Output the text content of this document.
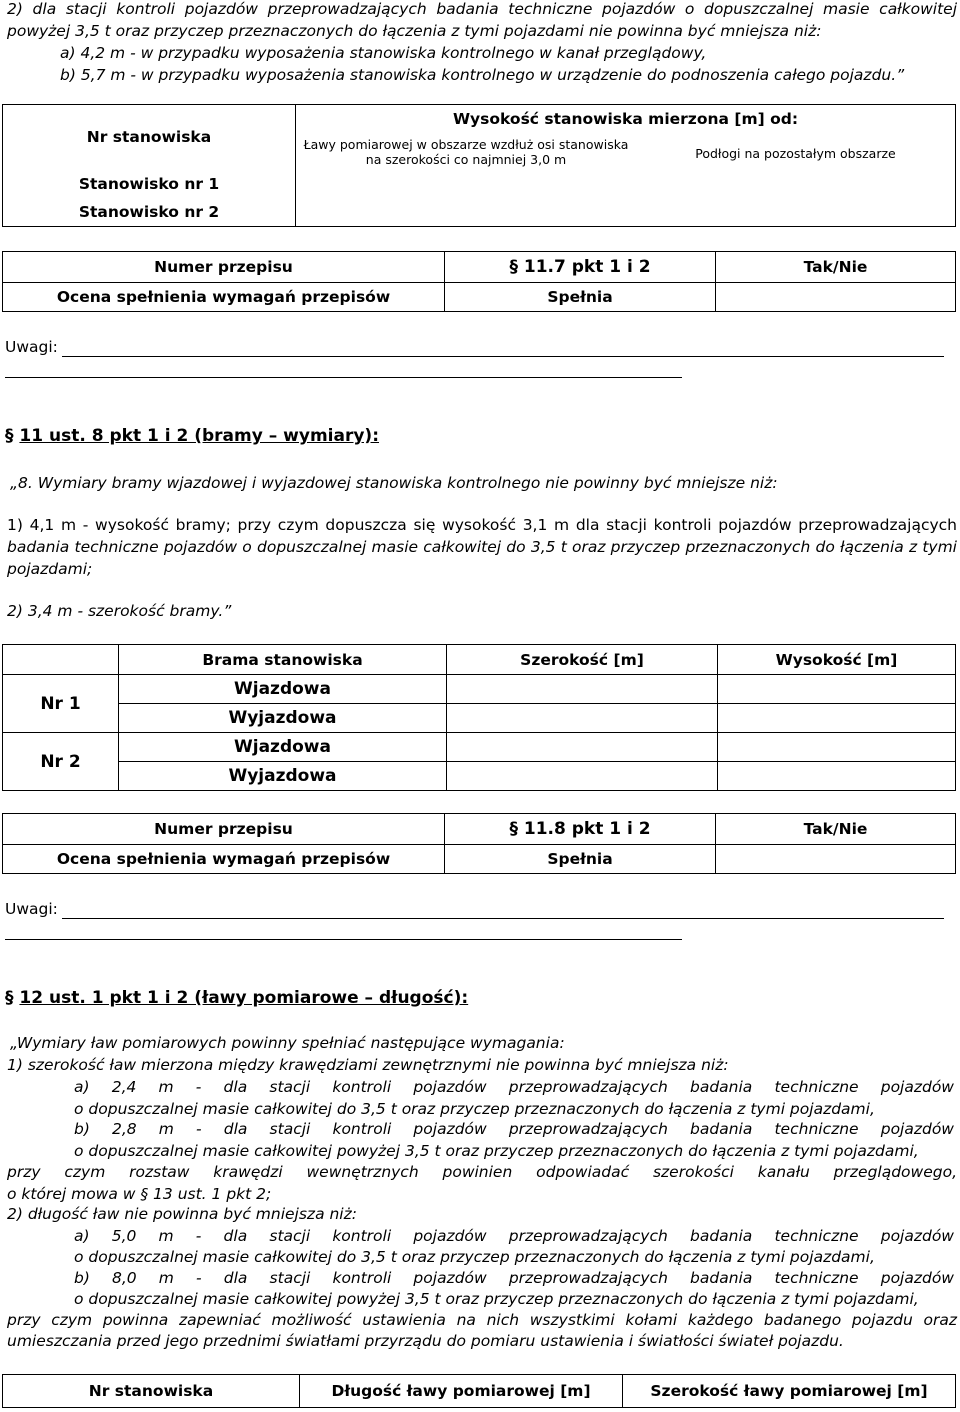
2) dla stacji kontroli pojazdów przeprowadzających badania techniczne pojazdów o dopuszczalnej masie całkowitej
powyżej 3,5 t oraz przyczep przeznaczonych do łączenia z tymi pojazdami nie powinna być mniejsza niż:
a) 4,2 m - w przypadku wyposażenia stanowiska kontrolnego w kanał przeglądowy,
b) 5,7 m - w przypadku wyposażenia stanowiska kontrolnego w urządzenie do podnoszenia całego pojazdu.”
Nr stanowiska
Stanowisko nr 1
Stanowisko nr 2

Wysokość stanowiska mierzona [m] od:
Ławy pomiarowej w obszarze wzdłuż osi stanowiska
na szerokości co najmniej 3,0 m	Podłogi na pozostałym obszarze
Numer przepisu	§ 11.7 pkt 1 i 2	Tak/Nie
Ocena spełnienia wymagań przepisów	Spełnia	
Uwagi:
§ 11 ust. 8 pkt 1 i 2 (bramy – wymiary):
„8. Wymiary bramy wjazdowej i wyjazdowej stanowiska kontrolnego nie powinny być mniejsze niż:
1) 4,1 m - wysokość bramy; przy czym dopuszcza się wysokość 3,1 m dla stacji kontroli pojazdów przeprowadzających
badania techniczne pojazdów o dopuszczalnej masie całkowitej do 3,5 t oraz przyczep przeznaczonych do łączenia z tymi
pojazdami;
2) 3,4 m - szerokość bramy.”
	Brama stanowiska	Szerokość [m]	Wysokość [m]
Nr 1	Wjazdowa		
	Wyjazdowa		
Nr 2	Wjazdowa		
	Wyjazdowa		
Numer przepisu	§ 11.8 pkt 1 i 2	Tak/Nie
Ocena spełnienia wymagań przepisów	Spełnia	
Uwagi:
§ 12 ust. 1 pkt 1 i 2 (ławy pomiarowe – długość):
„Wymiary ław pomiarowych powinny spełniać następujące wymagania:
1) szerokość ław mierzona między krawędziami zewnętrznymi nie powinna być mniejsza niż:
a) 2,4 m - dla stacji kontroli pojazdów przeprowadzających badania techniczne pojazdów
o dopuszczalnej masie całkowitej do 3,5 t oraz przyczep przeznaczonych do łączenia z tymi pojazdami,
b) 2,8 m - dla stacji kontroli pojazdów przeprowadzających badania techniczne pojazdów
o dopuszczalnej masie całkowitej powyżej 3,5 t oraz przyczep przeznaczonych do łączenia z tymi pojazdami,
przy czym rozstaw krawędzi wewnętrznych powinien odpowiadać szerokości kanału przeglądowego,
o której mowa w § 13 ust. 1 pkt 2;
2) długość ław nie powinna być mniejsza niż:
a) 5,0 m - dla stacji kontroli pojazdów przeprowadzających badania techniczne pojazdów
o dopuszczalnej masie całkowitej do 3,5 t oraz przyczep przeznaczonych do łączenia z tymi pojazdami,
b) 8,0 m - dla stacji kontroli pojazdów przeprowadzających badania techniczne pojazdów
o dopuszczalnej masie całkowitej powyżej 3,5 t oraz przyczep przeznaczonych do łączenia z tymi pojazdami,
przy czym powinna zapewniać możliwość ustawienia na nich wszystkimi kołami każdego badanego pojazdu oraz
umieszczania przed jego przednimi światłami przyrządu do pomiaru ustawienia i światłości świateł pojazdu.
Nr stanowiska	Długość ławy pomiarowej [m]	Szerokość ławy pomiarowej [m]
